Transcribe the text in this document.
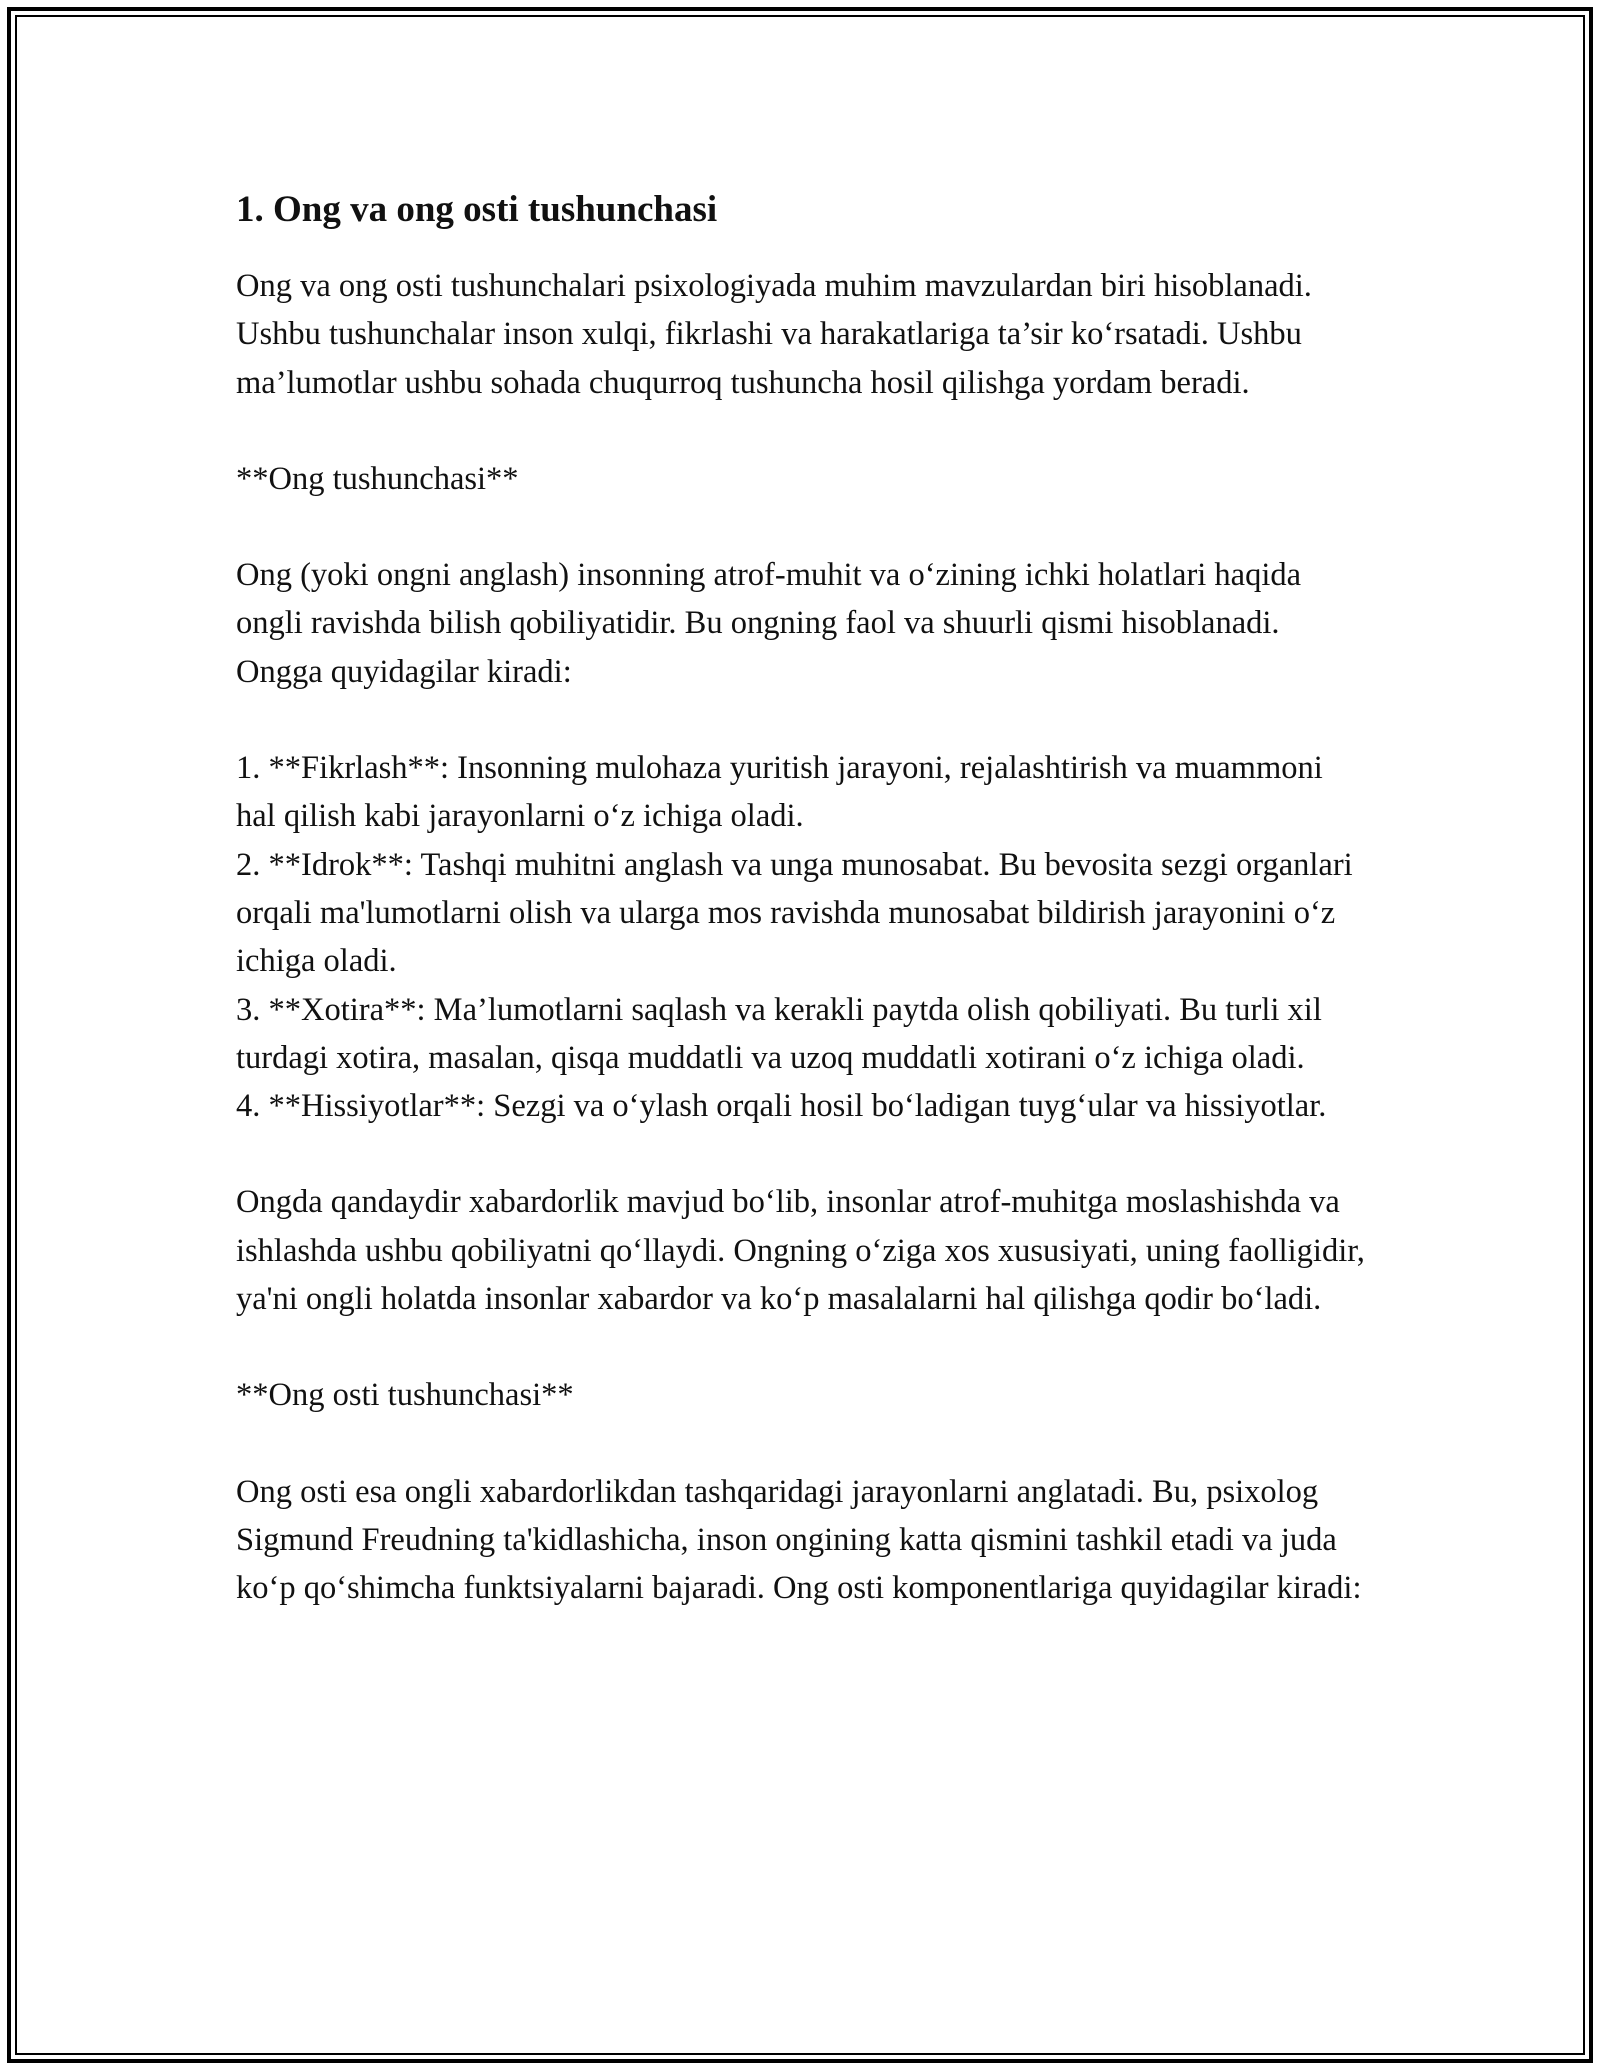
1. Ong va ong osti tushunchasi

Ong va ong osti tushunchalari psixologiyada muhim mavzulardan biri hisoblanadi. Ushbu tushunchalar inson xulqi, fikrlashi va harakatlariga ta’sir ko‘rsatadi. Ushbu ma’lumotlar ushbu sohada chuqurroq tushuncha hosil qilishga yordam beradi.

**Ong tushunchasi**

Ong (yoki ongni anglash) insonning atrof-muhit va o‘zining ichki holatlari haqida ongli ravishda bilish qobiliyatidir. Bu ongning faol va shuurli qismi hisoblanadi. Ongga quyidagilar kiradi:

1. **Fikrlash**: Insonning mulohaza yuritish jarayoni, rejalashtirish va muammoni hal qilish kabi jarayonlarni o‘z ichiga oladi.
2. **Idrok**: Tashqi muhitni anglash va unga munosabat. Bu bevosita sezgi organlari orqali ma'lumotlarni olish va ularga mos ravishda munosabat bildirish jarayonini o‘z ichiga oladi.
3. **Xotira**: Ma’lumotlarni saqlash va kerakli paytda olish qobiliyati. Bu turli xil turdagi xotira, masalan, qisqa muddatli va uzoq muddatli xotirani o‘z ichiga oladi.
4. **Hissiyotlar**: Sezgi va o‘ylash orqali hosil bo‘ladigan tuyg‘ular va hissiyotlar.

Ongda qandaydir xabardorlik mavjud bo‘lib, insonlar atrof-muhitga moslashishda va ishlashda ushbu qobiliyatni qo‘llaydi. Ongning o‘ziga xos xususiyati, uning faolligidir, ya'ni ongli holatda insonlar xabardor va ko‘p masalalarni hal qilishga qodir bo‘ladi.

**Ong osti tushunchasi**

Ong osti esa ongli xabardorlikdan tashqaridagi jarayonlarni anglatadi. Bu, psixolog Sigmund Freudning ta'kidlashicha, inson ongining katta qismini tashkil etadi va juda ko‘p qo‘shimcha funktsiyalarni bajaradi. Ong osti komponentlariga quyidagilar kiradi:
